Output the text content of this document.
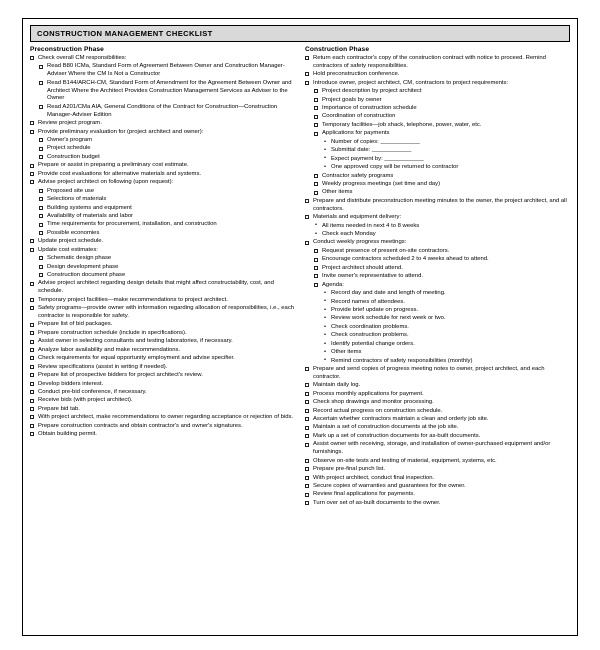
CONSTRUCTION MANAGEMENT CHECKLIST
Preconstruction Phase
Check overall CM responsibilities:
Read B80 ICMa, Standard Form of Agreement Between Owner and Construction Manager-Adviser Where the CM Is Not a Constructor
Read B144/ARCH-CM, Standard Form of Amendment for the Agreement Between Owner and Architect Where the Architect Provides Construction Management Services as Adviser to the Owner
Read A201/CMa AIA, General Conditions of the Contract for Construction—Construction Manager-Adviser Edition
Review project program.
Provide preliminary evaluation for (project architect and owner):
Owner's program
Project schedule
Construction budget
Prepare or assist in preparing a preliminary cost estimate.
Provide cost evaluations for alternative materials and systems.
Advise project architect on following (upon request):
Proposed site use
Selections of materials
Building systems and equipment
Availability of materials and labor
Time requirements for procurement, installation, and construction
Possible economies
Update project schedule.
Update cost estimates:
Schematic design phase
Design development phase
Construction document phase
Advise project architect regarding design details that might affect constructability, cost, and schedule.
Temporary project facilities—make recommendations to project architect.
Safety programs—provide owner with information regarding allocation of responsibilities, i.e., each contractor is responsible for safety.
Prepare list of bid packages.
Prepare construction schedule (include in specifications).
Assist owner in selecting consultants and testing laboratories, if necessary.
Analyze labor availability and make recommendations.
Check requirements for equal opportunity employment and advise specifier.
Review specifications (assist in writing if needed).
Prepare list of prospective bidders for project architect's review.
Develop bidders interest.
Conduct pre-bid conference, if necessary.
Receive bids (with project architect).
Prepare bid tab.
With project architect, make recommendations to owner regarding acceptance or rejection of bids.
Prepare construction contracts and obtain contractor's and owner's signatures.
Obtain building permit.
Construction Phase
Return each contractor's copy of the construction contract with notice to proceed. Remind contractors of safety responsibilities.
Hold preconstruction conference.
Introduce owner, project architect, CM, contractors to project requirements:
Project description by project architect
Project goals by owner
Importance of construction schedule
Coordination of construction
Temporary facilities—job shack, telephone, power, water, etc.
Applications for payments
• Number of copies: ____________
• Submittal date: ____________
• Expect payment by: ____________
• One approved copy will be returned to contractor
Contractor safety programs
Weekly progress meetings (set time and day)
Other items
Prepare and distribute preconstruction meeting minutes to the owner, the project architect, and all contractors.
Materials and equipment delivery:
• All items needed in next 4 to 8 weeks
• Check each Monday
Conduct weekly progress meetings:
Request presence of present on-site contractors.
Encourage contractors scheduled 2 to 4 weeks ahead to attend.
Project architect should attend.
Invite owner's representative to attend.
Agenda:
• Record day and date and length of meeting.
• Record names of attendees.
• Provide brief update on progress.
• Review work schedule for next week or two.
• Check coordination problems.
• Check construction problems.
• Identify potential change orders.
• Other items
• Remind contractors of safety responsibilities (monthly)
Prepare and send copies of progress meeting notes to owner, project architect, and each contractor.
Maintain daily log.
Process monthly applications for payment.
Check shop drawings and monitor processing.
Record actual progress on construction schedule.
Ascertain whether contractors maintain a clean and orderly job site.
Maintain a set of construction documents at the job site.
Mark up a set of construction documents for as-built documents.
Assist owner with receiving, storage, and installation of owner-purchased equipment and/or furnishings.
Observe on-site tests and testing of material, equipment, systems, etc.
Prepare pre-final punch list.
With project architect, conduct final inspection.
Secure copies of warranties and guarantees for the owner.
Review final applications for payments.
Turn over set of as-built documents to the owner.
